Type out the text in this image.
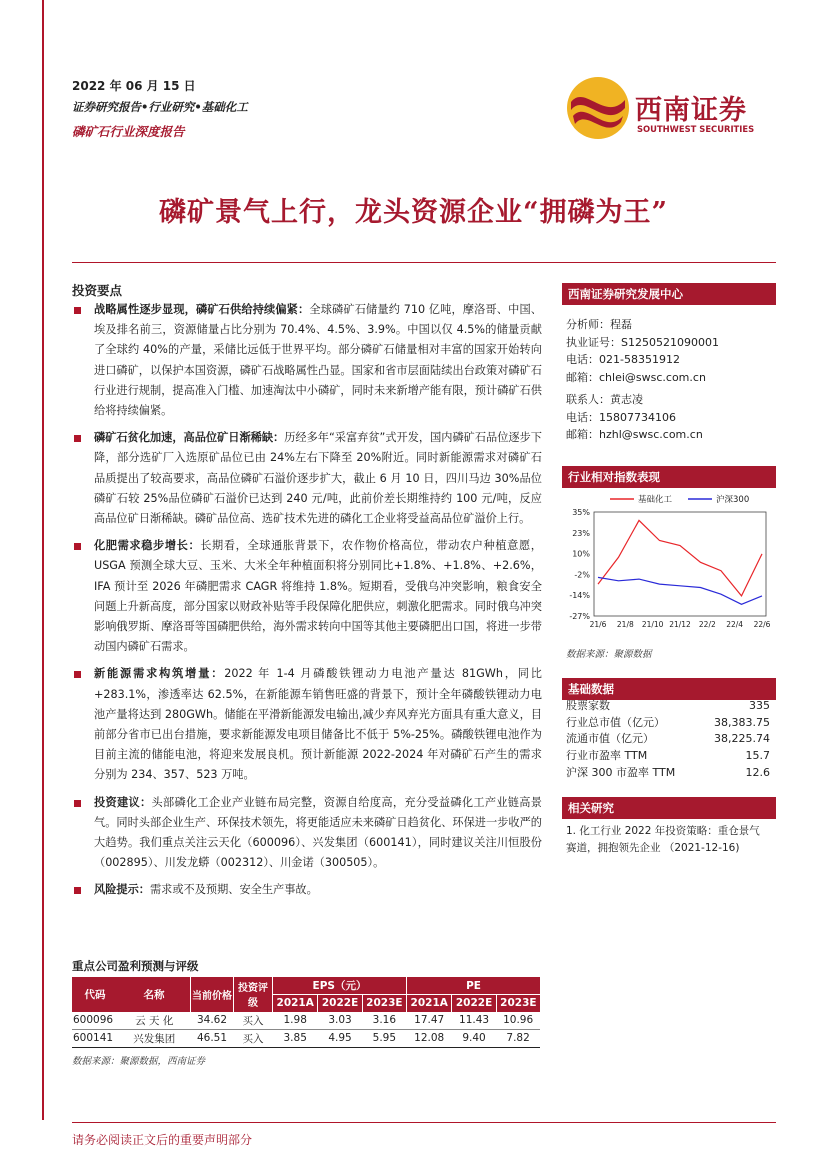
2022 年 06 月 15 日
证券研究报告•行业研究•基础化工
磷矿石行业深度报告
西南证券
SOUTHWEST SECURITIES
磷矿景气上行，龙头资源企业“拥磷为王”
投资要点
战略属性逐步显现，磷矿石供给持续偏紧：全球磷矿石储量约 710 亿吨，摩洛哥、中国、埃及排名前三，资源储量占比分别为 70.4%、4.5%、3.9%。中国以仅 4.5%的储量贡献了全球约 40%的产量，采储比远低于世界平均。部分磷矿石储量相对丰富的国家开始转向进口磷矿，以保护本国资源，磷矿石战略属性凸显。国家和省市层面陆续出台政策对磷矿石行业进行规制，提高准入门槛、加速淘汰中小磷矿，同时未来新增产能有限，预计磷矿石供给将持续偏紧。
磷矿石贫化加速，高品位矿日渐稀缺：历经多年“采富弃贫”式开发，国内磷矿石品位逐步下降，部分选矿厂入选原矿品位已由 24%左右下降至 20%附近。同时新能源需求对磷矿石品质提出了较高要求，高品位磷矿石溢价逐步扩大，截止 6 月 10 日，四川马边 30%品位磷矿石较 25%品位磷矿石溢价已达到 240 元/吨，此前价差长期维持约 100 元/吨，反应高品位矿日渐稀缺。磷矿品位高、选矿技术先进的磷化工企业将受益高品位矿溢价上行。
化肥需求稳步增长：长期看，全球通胀背景下，农作物价格高位，带动农户种植意愿，USGA 预测全球大豆、玉米、大米全年种植面积将分别同比+1.8%、+1.8%、+2.6%，IFA 预计至 2026 年磷肥需求 CAGR 将维持 1.8%。短期看，受俄乌冲突影响，粮食安全问题上升新高度，部分国家以财政补贴等手段保障化肥供应，刺激化肥需求。同时俄乌冲突影响俄罗斯、摩洛哥等国磷肥供给，海外需求转向中国等其他主要磷肥出口国，将进一步带动国内磷矿石需求。
新能源需求构筑增量：2022 年 1-4 月磷酸铁锂动力电池产量达 81GWh，同比+283.1%，渗透率达 62.5%，在新能源车销售旺盛的背景下，预计全年磷酸铁锂动力电池产量将达到 280GWh。储能在平滑新能源发电输出,减少弃风弃光方面具有重大意义，目前部分省市已出台措施，要求新能源发电项目储备比不低于 5%-25%。磷酸铁锂电池作为目前主流的储能电池，将迎来发展良机。预计新能源 2022-2024 年对磷矿石产生的需求分别为 234、357、523 万吨。
投资建议：头部磷化工企业产业链布局完整，资源自给度高，充分受益磷化工产业链高景气。同时头部企业生产、环保技术领先，将更能适应未来磷矿日趋贫化、环保进一步收严的大趋势。我们重点关注云天化（600096）、兴发集团（600141），同时建议关注川恒股份（002895）、川发龙蟒（002312）、川金诺（300505）。
风险提示：需求或不及预期、安全生产事故。
重点公司盈利预测与评级
代码	名称	当前价格	投资评级	EPS（元）			PE		
				2021A	2022E	2023E	2021A	2022E	2023E
600096	云 天 化	34.62	买入	1.98	3.03	3.16	17.47	11.43	10.96
600141	兴发集团	46.51	买入	3.85	4.95	5.95	12.08	9.40	7.82
数据来源：聚源数据，西南证券
西南证券研究发展中心
分析师：程磊
执业证号：S1250521090001
电话：021-58351912
邮箱：chlei@swsc.com.cn
联系人：黄志凌
电话：15807734106
邮箱：hzhl@swsc.com.cn
行业相对指数表现
35%
23%
10%
-2%
-14%
-27%
21/6 21/8 21/10 21/12 22/2 22/4 22/6
基础化工	沪深300
数据来源：聚源数据
基础数据
股票家数	335
行业总市值（亿元）	38,383.75
流通市值（亿元）	38,225.74
行业市盈率 TTM	15.7
沪深 300 市盈率 TTM	12.6
相关研究
1. 化工行业 2022 年投资策略：重仓景气赛道，拥抱领先企业 （2021-12-16)
请务必阅读正文后的重要声明部分
